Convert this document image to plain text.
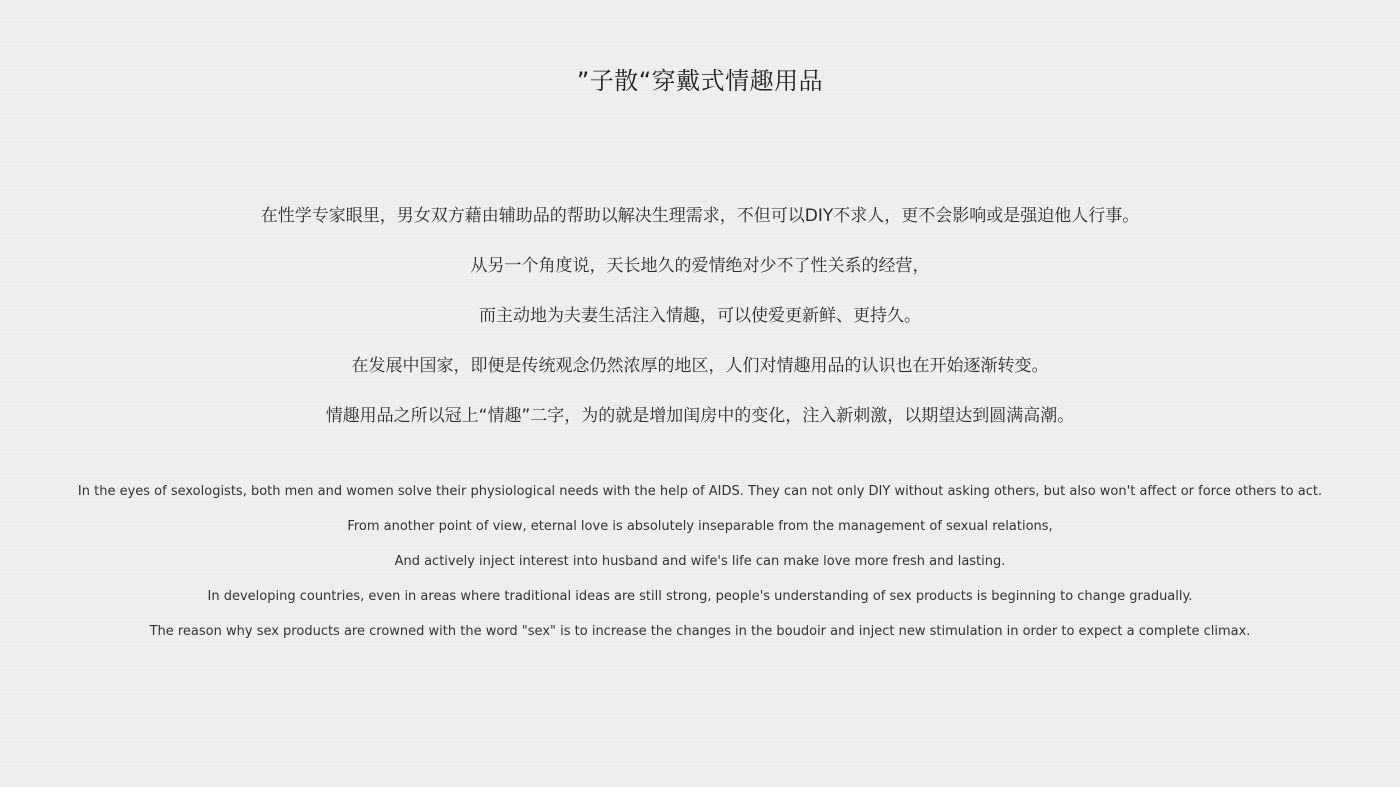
”子散“穿戴式情趣用品
在性学专家眼里，男女双方藉由辅助品的帮助以解决生理需求，不但可以DIY不求人，更不会影响或是强迫他人行事。
从另一个角度说，天长地久的爱情绝对少不了性关系的经营，
而主动地为夫妻生活注入情趣，可以使爱更新鲜、更持久。
在发展中国家，即便是传统观念仍然浓厚的地区，人们对情趣用品的认识也在开始逐渐转变。
情趣用品之所以冠上“情趣”二字，为的就是增加闺房中的变化，注入新刺激，以期望达到圆满高潮。
In the eyes of sexologists, both men and women solve their physiological needs with the help of AIDS. They can not only DIY without asking others, but also won't affect or force others to act.
From another point of view, eternal love is absolutely inseparable from the management of sexual relations,
And actively inject interest into husband and wife's life can make love more fresh and lasting.
In developing countries, even in areas where traditional ideas are still strong, people's understanding of sex products is beginning to change gradually.
The reason why sex products are crowned with the word "sex" is to increase the changes in the boudoir and inject new stimulation in order to expect a complete climax.
